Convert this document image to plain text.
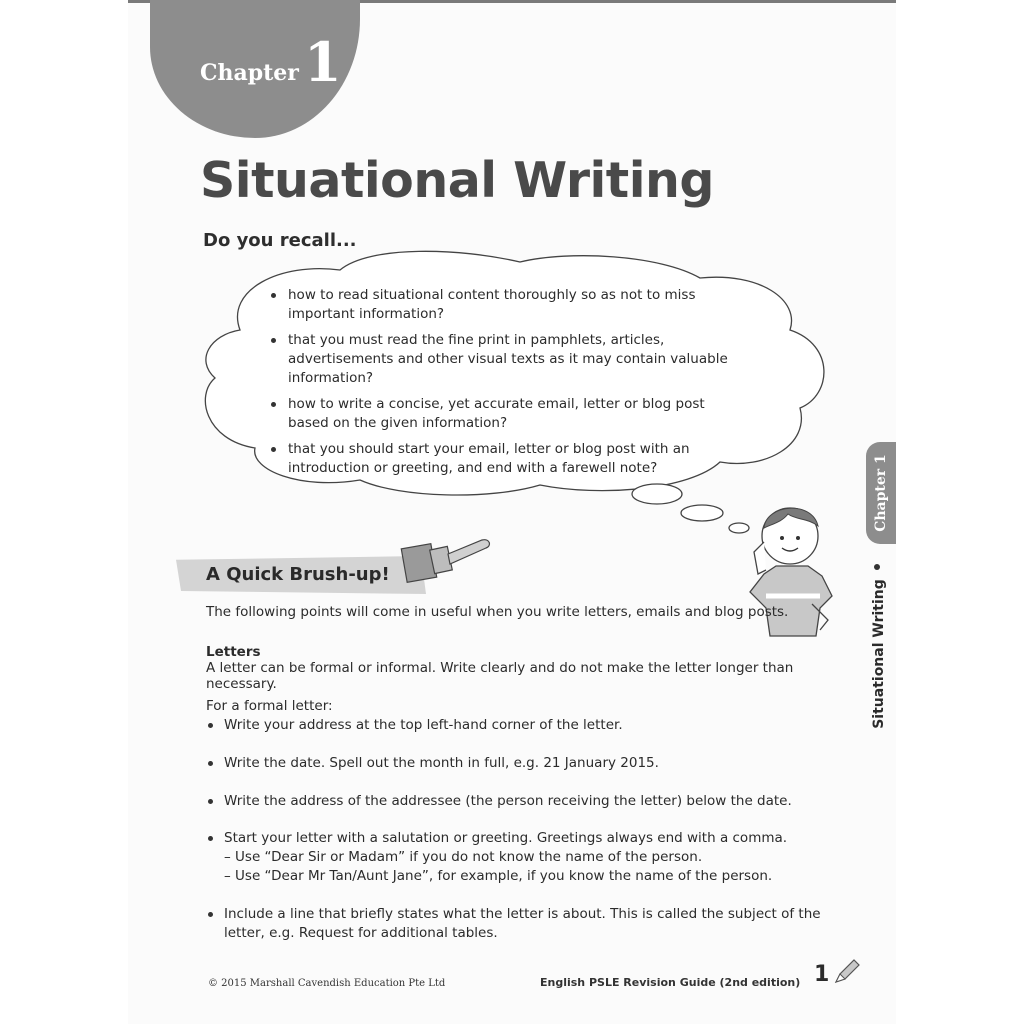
Chapter 1
Situational Writing
Do you recall...
how to read situational content thoroughly so as not to miss important information?
that you must read the fine print in pamphlets, articles, advertisements and other visual texts as it may contain valuable information?
how to write a concise, yet accurate email, letter or blog post based on the given information?
that you should start your email, letter or blog post with an introduction or greeting, and end with a farewell note?
A Quick Brush-up!
The following points will come in useful when you write letters, emails and blog posts.
Letters
A letter can be formal or informal. Write clearly and do not make the letter longer than necessary.
For a formal letter:
Write your address at the top left-hand corner of the letter.
Write the date. Spell out the month in full, e.g. 21 January 2015.
Write the address of the addressee (the person receiving the letter) below the date.
Start your letter with a salutation or greeting. Greetings always end with a comma.
– Use “Dear Sir or Madam” if you do not know the name of the person.
– Use “Dear Mr Tan/Aunt Jane”, for example, if you know the name of the person.
Include a line that briefly states what the letter is about. This is called the subject of the letter, e.g. Request for additional tables.
Chapter 1
Situational Writing
© 2015 Marshall Cavendish Education Pte Ltd	English PSLE Revision Guide (2nd edition) 1
